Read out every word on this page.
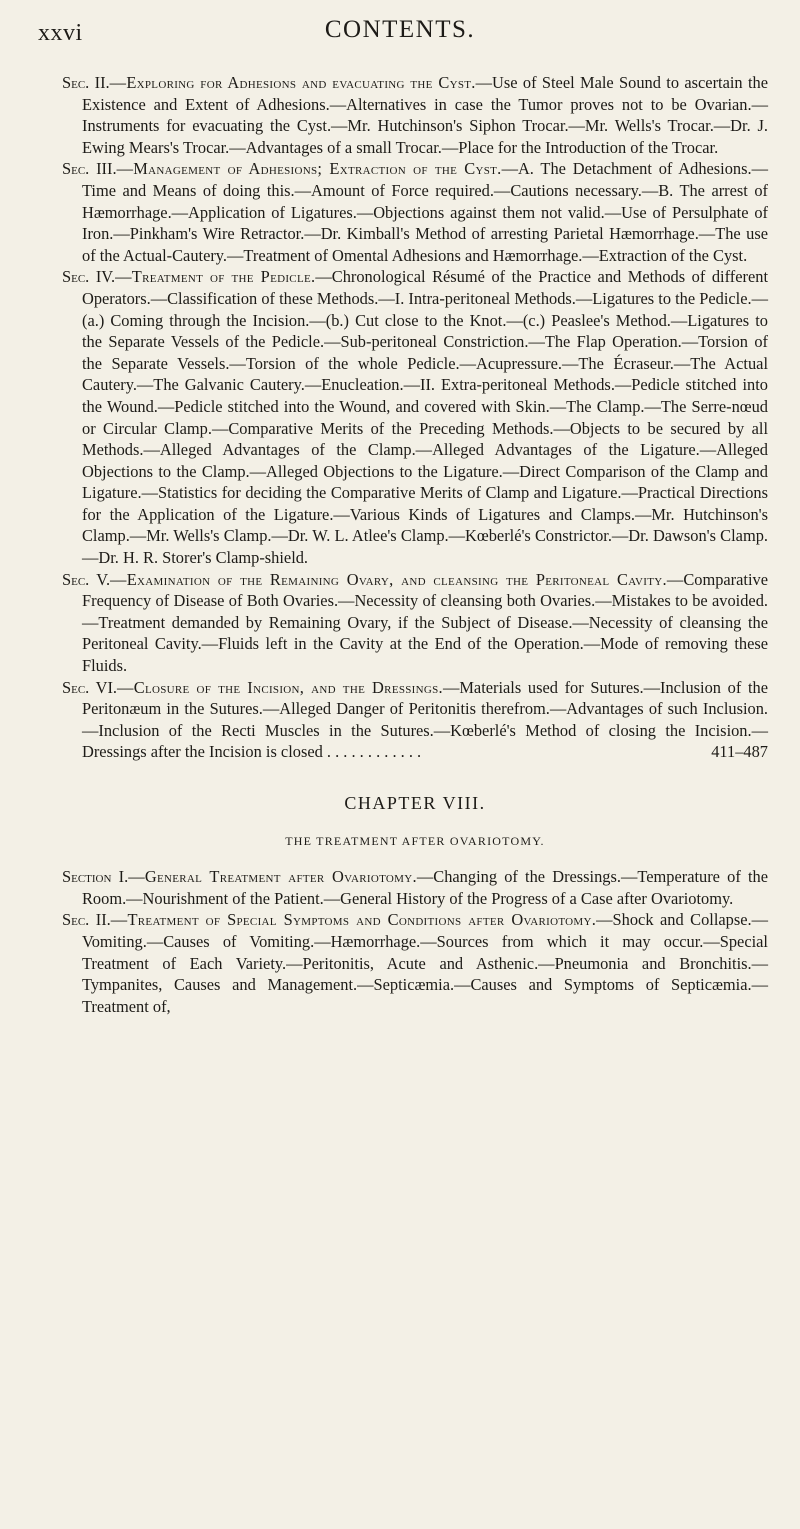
xxvi	CONTENTS.

Sec. II.—Exploring for Adhesions and evacuating the Cyst.—Use of Steel Male Sound to ascertain the Existence and Extent of Adhesions.—Alternatives in case the Tumor proves not to be Ovarian.—Instruments for evacuating the Cyst.—Mr. Hutchinson's Siphon Trocar.—Mr. Wells's Trocar.—Dr. J. Ewing Mears's Trocar.—Advantages of a small Trocar.—Place for the Introduction of the Trocar.

Sec. III.—Management of Adhesions; Extraction of the Cyst.—A. The Detachment of Adhesions.—Time and Means of doing this.—Amount of Force required.—Cautions necessary.—B. The arrest of Hæmorrhage.—Application of Ligatures.—Objections against them not valid.—Use of Persulphate of Iron.—Pinkham's Wire Retractor.—Dr. Kimball's Method of arresting Parietal Hæmorrhage.—The use of the Actual-Cautery.—Treatment of Omental Adhesions and Hæmorrhage.—Extraction of the Cyst.

Sec. IV.—Treatment of the Pedicle.—Chronological Résumé of the Practice and Methods of different Operators.—Classification of these Methods.—I. Intra-peritoneal Methods.—Ligatures to the Pedicle.—(a.) Coming through the Incision.—(b.) Cut close to the Knot.—(c.) Peaslee's Method.—Ligatures to the Separate Vessels of the Pedicle.—Sub-peritoneal Constriction.—The Flap Operation.—Torsion of the Separate Vessels.—Torsion of the whole Pedicle.—Acupressure.—The Écraseur.—The Actual Cautery.—The Galvanic Cautery.—Enucleation.—II. Extra-peritoneal Methods.—Pedicle stitched into the Wound.—Pedicle stitched into the Wound, and covered with Skin.—The Clamp.—The Serre-nœud or Circular Clamp.—Comparative Merits of the Preceding Methods.—Objects to be secured by all Methods.—Alleged Advantages of the Clamp.—Alleged Advantages of the Ligature.—Alleged Objections to the Clamp.—Alleged Objections to the Ligature.—Direct Comparison of the Clamp and Ligature.—Statistics for deciding the Comparative Merits of Clamp and Ligature.—Practical Directions for the Application of the Ligature.—Various Kinds of Ligatures and Clamps.—Mr. Hutchinson's Clamp.—Mr. Wells's Clamp.—Dr. W. L. Atlee's Clamp.—Kœberlé's Constrictor.—Dr. Dawson's Clamp.—Dr. H. R. Storer's Clamp-shield.

Sec. V.—Examination of the Remaining Ovary, and cleansing the Peritoneal Cavity.—Comparative Frequency of Disease of Both Ovaries.—Necessity of cleansing both Ovaries.—Mistakes to be avoided.—Treatment demanded by Remaining Ovary, if the Subject of Disease.—Necessity of cleansing the Peritoneal Cavity.—Fluids left in the Cavity at the End of the Operation.—Mode of removing these Fluids.

Sec. VI.—Closure of the Incision, and the Dressings.—Materials used for Sutures.—Inclusion of the Peritonæum in the Sutures.—Alleged Danger of Peritonitis therefrom.—Advantages of such Inclusion.—Inclusion of the Recti Muscles in the Sutures.—Kœberlé's Method of closing the Incision.—Dressings after the Incision is closed . . . . . . . . . . . .	411–487

CHAPTER VIII.
THE TREATMENT AFTER OVARIOTOMY.

Section I.—General Treatment after Ovariotomy.—Changing of the Dressings.—Temperature of the Room.—Nourishment of the Patient.—General History of the Progress of a Case after Ovariotomy.

Sec. II.—Treatment of Special Symptoms and Conditions after Ovariotomy.—Shock and Collapse.—Vomiting.—Causes of Vomiting.—Hæmorrhage.—Sources from which it may occur.—Special Treatment of Each Variety.—Peritonitis, Acute and Asthenic.—Pneumonia and Bronchitis.—Tympanites, Causes and Management.—Septicæmia.—Causes and Symptoms of Septicæmia.—Treatment of,
